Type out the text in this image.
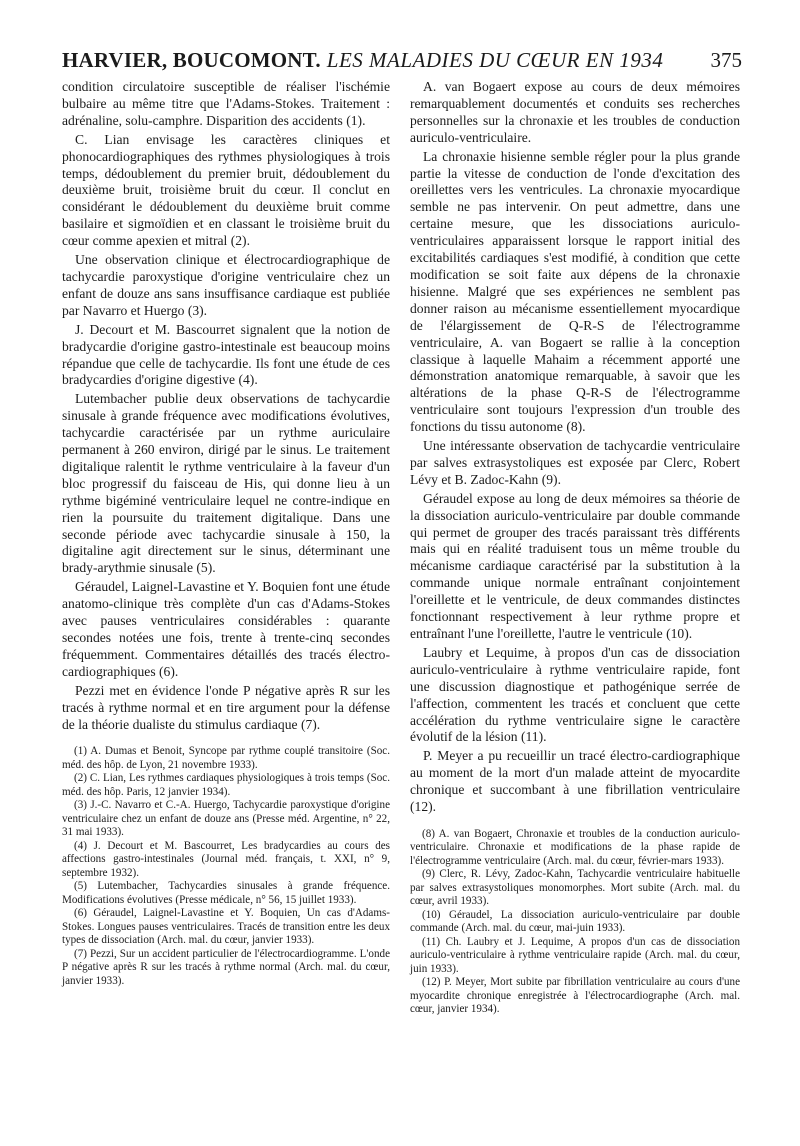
HARVIER, BOUCOMONT. LES MALADIES DU CŒUR EN 1934 375

condition circulatoire susceptible de réaliser l'ischémie bulbaire au même titre que l'Adams-Stokes. Traitement : adrénaline, solu-camphre. Disparition des accidents (1).

C. Lian envisage les caractères cliniques et phonocardiographiques des rythmes physiologiques à trois temps, dédoublement du premier bruit, dédoublement du deuxième bruit, troisième bruit du cœur. Il conclut en considérant le dédoublement du deuxième bruit comme basilaire et sigmoïdien et en classant le troisième bruit du cœur comme apexien et mitral (2).

Une observation clinique et électrocardiographique de tachycardie paroxystique d'origine ventriculaire chez un enfant de douze ans sans insuffisance cardiaque est publiée par Navarro et Huergo (3).

J. Decourt et M. Bascourret signalent que la notion de bradycardie d'origine gastro-intestinale est beaucoup moins répandue que celle de tachycardie. Ils font une étude de ces bradycardies d'origine digestive (4).

Lutembacher publie deux observations de tachycardie sinusale à grande fréquence avec modifications évolutives, tachycardie caractérisée par un rythme auriculaire permanent à 260 environ, dirigé par le sinus. Le traitement digitalique ralentit le rythme ventriculaire à la faveur d'un bloc progressif du faisceau de His, qui donne lieu à un rythme bigéminé ventriculaire lequel ne contre-indique en rien la poursuite du traitement digitalique. Dans une seconde période avec tachycardie sinusale à 150, la digitaline agit directement sur le sinus, déterminant une brady-arythmie sinusale (5).

Géraudel, Laignel-Lavastine et Y. Boquien font une étude anatomo-clinique très complète d'un cas d'Adams-Stokes avec pauses ventriculaires considérables : quarante secondes notées une fois, trente à trente-cinq secondes fréquemment. Commentaires détaillés des tracés électro-cardiographiques (6).

Pezzi met en évidence l'onde P négative après R sur les tracés à rythme normal et en tire argument pour la défense de la théorie dualiste du stimulus cardiaque (7).

(1) A. Dumas et Benoit, Syncope par rythme couplé transitoire (Soc. méd. des hôp. de Lyon, 21 novembre 1933).

(2) C. Lian, Les rythmes cardiaques physiologiques à trois temps (Soc. méd. des hôp. Paris, 12 janvier 1934).

(3) J.-C. Navarro et C.-A. Huergo, Tachycardie paroxystique d'origine ventriculaire chez un enfant de douze ans (Presse méd. Argentine, n° 22, 31 mai 1933).

(4) J. Decourt et M. Bascourret, Les bradycardies au cours des affections gastro-intestinales (Journal méd. français, t. XXI, n° 9, septembre 1932).

(5) Lutembacher, Tachycardies sinusales à grande fréquence. Modifications évolutives (Presse médicale, n° 56, 15 juillet 1933).

(6) Géraudel, Laignel-Lavastine et Y. Boquien, Un cas d'Adams-Stokes. Longues pauses ventriculaires. Tracés de transition entre les deux types de dissociation (Arch. mal. du cœur, janvier 1933).

(7) Pezzi, Sur un accident particulier de l'électrocardiogramme. L'onde P négative après R sur les tracés à rythme normal (Arch. mal. du cœur, janvier 1933).

A. van Bogaert expose au cours de deux mémoires remarquablement documentés et conduits ses recherches personnelles sur la chronaxie et les troubles de conduction auriculo-ventriculaire.

La chronaxie hisienne semble régler pour la plus grande partie la vitesse de conduction de l'onde d'excitation des oreillettes vers les ventricules. La chronaxie myocardique semble ne pas intervenir. On peut admettre, dans une certaine mesure, que les dissociations auriculo-ventriculaires apparaissent lorsque le rapport initial des excitabilités cardiaques s'est modifié, à condition que cette modification se soit faite aux dépens de la chronaxie hisienne. Malgré que ses expériences ne semblent pas donner raison au mécanisme essentiellement myocardique de l'élargissement de Q-R-S de l'électrogramme ventriculaire, A. van Bogaert se rallie à la conception classique à laquelle Mahaim a récemment apporté une démonstration anatomique remarquable, à savoir que les altérations de la phase Q-R-S de l'électrogramme ventriculaire sont toujours l'expression d'un trouble des fonctions du tissu autonome (8).

Une intéressante observation de tachycardie ventriculaire par salves extrasystoliques est exposée par Clerc, Robert Lévy et B. Zadoc-Kahn (9).

Géraudel expose au long de deux mémoires sa théorie de la dissociation auriculo-ventriculaire par double commande qui permet de grouper des tracés paraissant très différents mais qui en réalité traduisent tous un même trouble du mécanisme cardiaque caractérisé par la substitution à la commande unique normale entraînant conjointement l'oreillette et le ventricule, de deux commandes distinctes fonctionnant respectivement à leur rythme propre et entraînant l'une l'oreillette, l'autre le ventricule (10).

Laubry et Lequime, à propos d'un cas de dissociation auriculo-ventriculaire à rythme ventriculaire rapide, font une discussion diagnostique et pathogénique serrée de l'affection, commentent les tracés et concluent que cette accélération du rythme ventriculaire signe le caractère évolutif de la lésion (11).

P. Meyer a pu recueillir un tracé électro-cardiographique au moment de la mort d'un malade atteint de myocardite chronique et succombant à une fibrillation ventriculaire (12).

(8) A. van Bogaert, Chronaxie et troubles de la conduction auriculo-ventriculaire. Chronaxie et modifications de la phase rapide de l'électrogramme ventriculaire (Arch. mal. du cœur, février-mars 1933).

(9) Clerc, R. Lévy, Zadoc-Kahn, Tachycardie ventriculaire habituelle par salves extrasystoliques monomorphes. Mort subite (Arch. mal. du cœur, avril 1933).

(10) Géraudel, La dissociation auriculo-ventriculaire par double commande (Arch. mal. du cœur, mai-juin 1933).

(11) Ch. Laubry et J. Lequime, A propos d'un cas de dissociation auriculo-ventriculaire à rythme ventriculaire rapide (Arch. mal. du cœur, juin 1933).

(12) P. Meyer, Mort subite par fibrillation ventriculaire au cours d'une myocardite chronique enregistrée à l'électrocardiographe (Arch. mal. cœur, janvier 1934).
